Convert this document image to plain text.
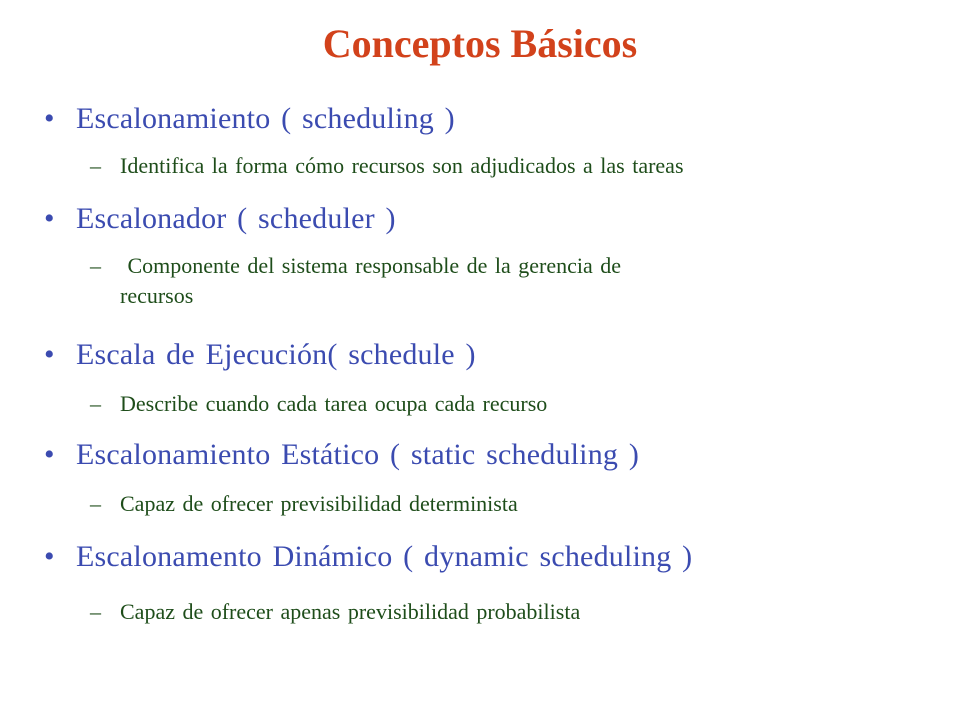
Conceptos Básicos
• Escalonamiento ( scheduling )
– Identifica la forma cómo recursos son adjudicados a las tareas
• Escalonador ( scheduler )
– Componente del sistema responsable de la gerencia de
recursos
• Escala de Ejecución( schedule )
– Describe cuando cada tarea ocupa cada recurso
• Escalonamiento Estático ( static scheduling )
– Capaz de ofrecer previsibilidad determinista
• Escalonamento Dinámico ( dynamic scheduling )
– Capaz de ofrecer apenas previsibilidad probabilista
